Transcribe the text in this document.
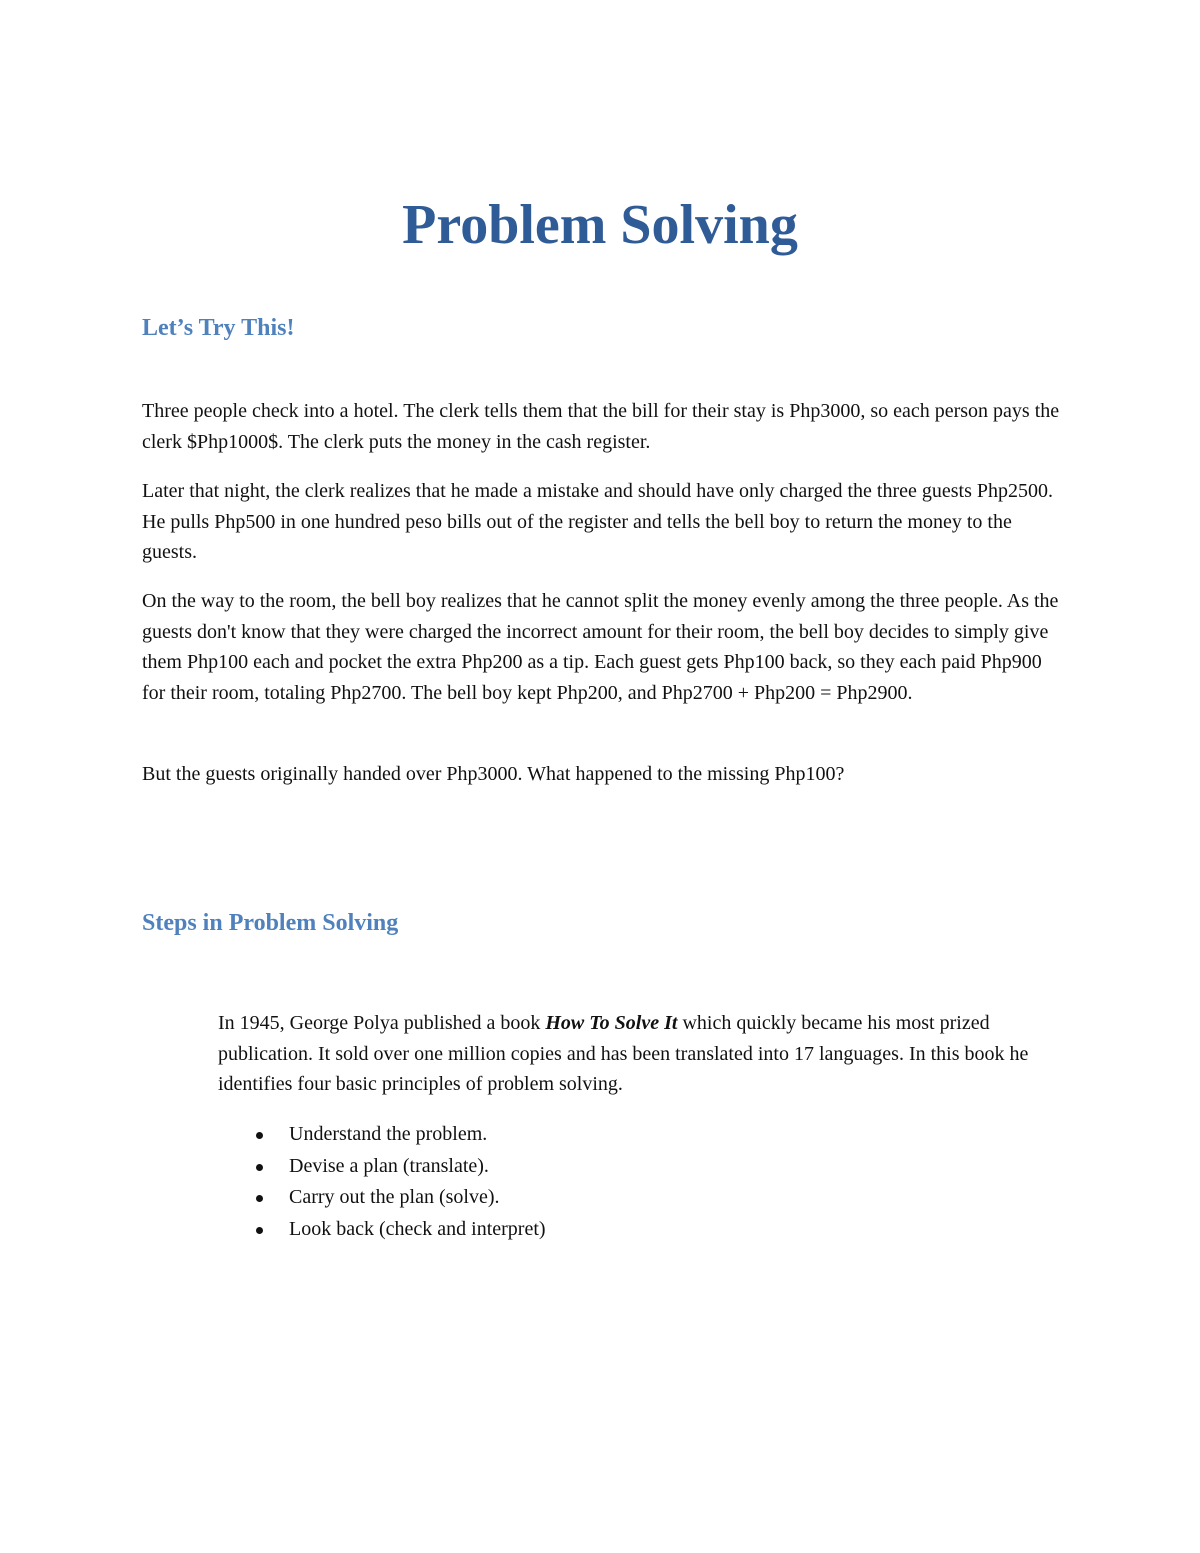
Problem Solving
Let’s Try This!

Three people check into a hotel. The clerk tells them that the bill for their stay is Php3000, so each person pays the clerk $Php1000$. The clerk puts the money in the cash register.

Later that night, the clerk realizes that he made a mistake and should have only charged the three guests Php2500. He pulls Php500 in one hundred peso bills out of the register and tells the bell boy to return the money to the guests.

On the way to the room, the bell boy realizes that he cannot split the money evenly among the three people. As the guests don't know that they were charged the incorrect amount for their room, the bell boy decides to simply give them Php100 each and pocket the extra Php200 as a tip. Each guest gets Php100 back, so they each paid Php900 for their room, totaling Php2700. The bell boy kept Php200, and Php2700 + Php200 = Php2900.

But the guests originally handed over Php3000. What happened to the missing Php100?

Steps in Problem Solving

In 1945, George Polya published a book How To Solve It which quickly became his most prized publication. It sold over one million copies and has been translated into 17 languages. In this book he identifies four basic principles of problem solving.

Understand the problem.
Devise a plan (translate).
Carry out the plan (solve).
Look back (check and interpret)
